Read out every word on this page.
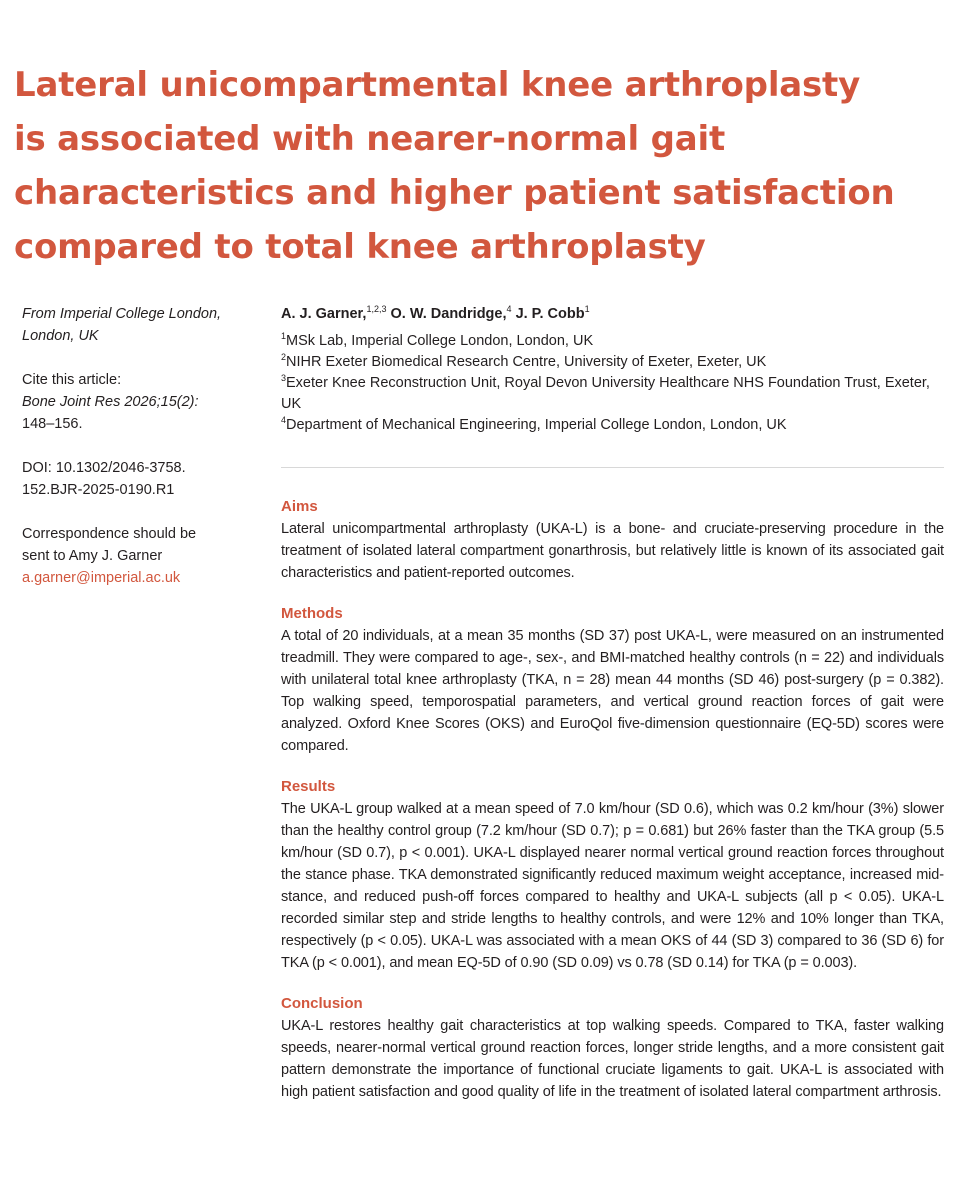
Lateral unicompartmental knee arthroplasty
is associated with nearer-normal gait
characteristics and higher patient satisfaction
compared to total knee arthroplasty

From Imperial College London,
London, UK

Cite this article:
Bone Joint Res 2026;15(2):
148–156.

DOI: 10.1302/2046-3758.
152.BJR-2025-0190.R1

Correspondence should be
sent to Amy J. Garner
a.garner@imperial.ac.uk

A. J. Garner,$^{1,2,3}$ O. W. Dandridge,$^4$ J. P. Cobb$^1$

$^1$MSk Lab, Imperial College London, London, UK

$^2$NIHR Exeter Biomedical Research Centre, University of Exeter, Exeter, UK

$^3$Exeter Knee Reconstruction Unit, Royal Devon University Healthcare NHS Foundation Trust, Exeter, UK

$^4$Department of Mechanical Engineering, Imperial College London, London, UK

Aims

Lateral unicompartmental arthroplasty (UKA-L) is a bone- and cruciate-preserving procedure in the treatment of isolated lateral compartment gonarthrosis, but relatively little is known of its associated gait characteristics and patient-reported outcomes.

Methods

A total of 20 individuals, at a mean 35 months (SD 37) post UKA-L, were measured on an instrumented treadmill. They were compared to age-, sex-, and BMI-matched healthy controls (n = 22) and individuals with unilateral total knee arthroplasty (TKA, n = 28) mean 44 months (SD 46) post-surgery (p = 0.382). Top walking speed, temporospatial parameters, and vertical ground reaction forces of gait were analyzed. Oxford Knee Scores (OKS) and EuroQol five-dimension questionnaire (EQ-5D) scores were compared.

Results

The UKA-L group walked at a mean speed of 7.0 km/hour (SD 0.6), which was 0.2 km/hour (3%) slower than the healthy control group (7.2 km/hour (SD 0.7); p = 0.681) but 26% faster than the TKA group (5.5 km/hour (SD 0.7), p < 0.001). UKA-L displayed nearer normal vertical ground reaction forces throughout the stance phase. TKA demonstrated significantly reduced maximum weight acceptance, increased mid-stance, and reduced push-off forces compared to healthy and UKA-L subjects (all p < 0.05). UKA-L recorded similar step and stride lengths to healthy controls, and were 12% and 10% longer than TKA, respectively (p < 0.05). UKA-L was associated with a mean OKS of 44 (SD 3) compared to 36 (SD 6) for TKA (p < 0.001), and mean EQ-5D of 0.90 (SD 0.09) vs 0.78 (SD 0.14) for TKA (p = 0.003).

Conclusion

UKA-L restores healthy gait characteristics at top walking speeds. Compared to TKA, faster walking speeds, nearer-normal vertical ground reaction forces, longer stride lengths, and a more consistent gait pattern demonstrate the importance of functional cruciate ligaments to gait. UKA-L is associated with high patient satisfaction and good quality of life in the treatment of isolated lateral compartment arthrosis.
